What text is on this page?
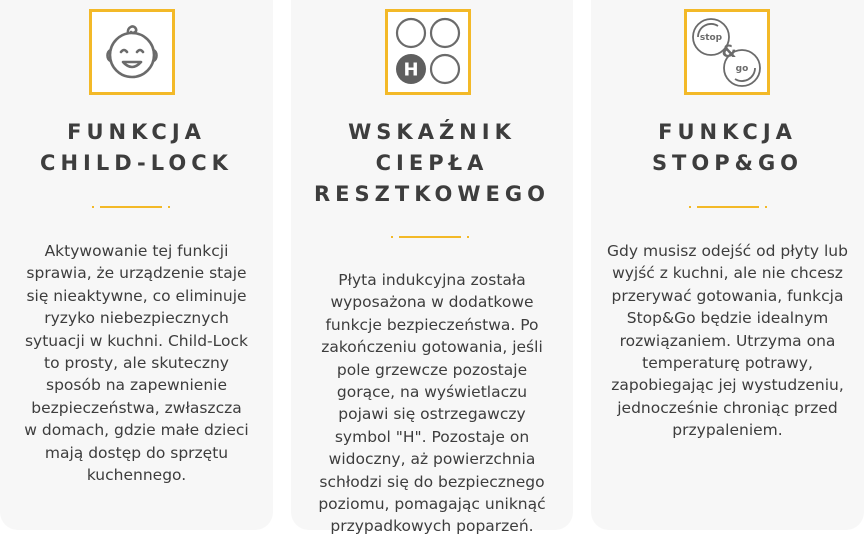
FUNKCJA
CHILD-LOCK
Aktywowanie tej funkcji
sprawia, że urządzenie staje
się nieaktywne, co eliminuje
ryzyko niebezpiecznych
sytuacji w kuchni. Child-Lock
to prosty, ale skuteczny
sposób na zapewnienie
bezpieczeństwa, zwłaszcza
w domach, gdzie małe dzieci
mają dostęp do sprzętu
kuchennego.
H
WSKAŹNIK
CIEPŁA
RESZTKOWEGO
Płyta indukcyjna została
wyposażona w dodatkowe
funkcje bezpieczeństwa. Po
zakończeniu gotowania, jeśli
pole grzewcze pozostaje
gorące, na wyświetlaczu
pojawi się ostrzegawczy
symbol "H". Pozostaje on
widoczny, aż powierzchnia
schłodzi się do bezpiecznego
poziomu, pomagając uniknąć
przypadkowych poparzeń.
stop
&
go
FUNKCJA
STOP&GO
Gdy musisz odejść od płyty lub
wyjść z kuchni, ale nie chcesz
przerywać gotowania, funkcja
Stop&Go będzie idealnym
rozwiązaniem. Utrzyma ona
temperaturę potrawy,
zapobiegając jej wystudzeniu,
jednocześnie chroniąc przed
przypaleniem.
